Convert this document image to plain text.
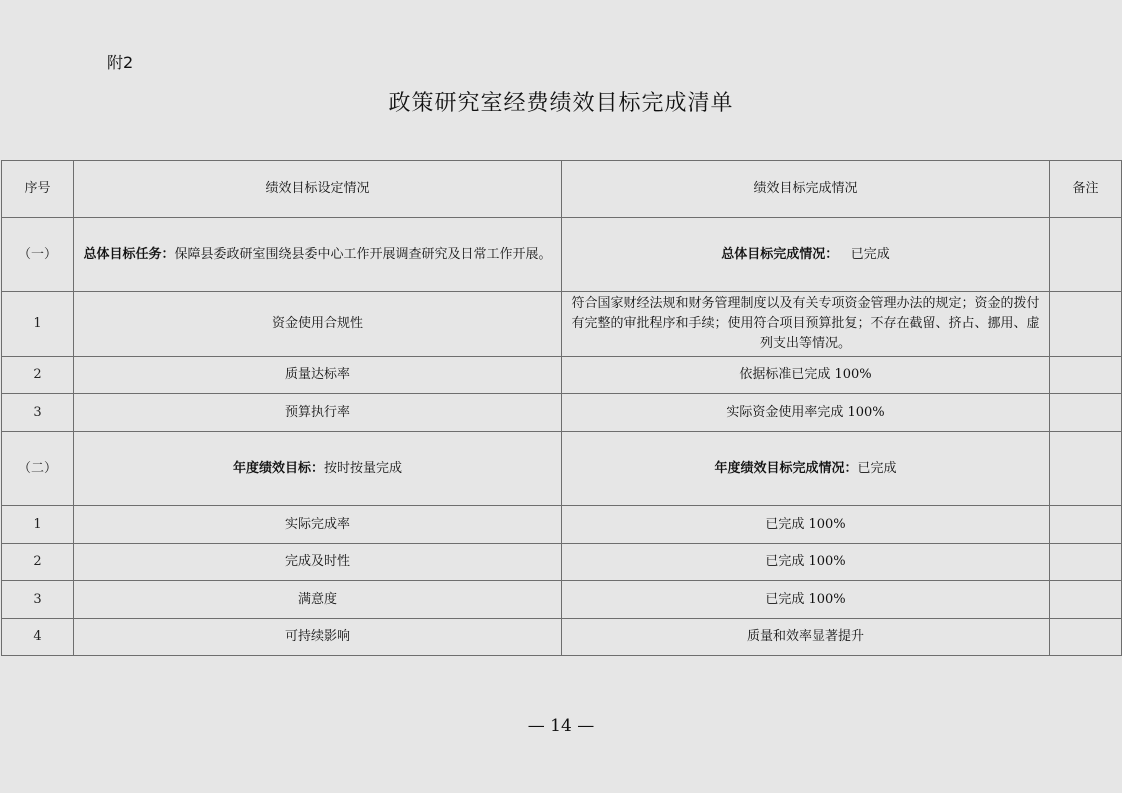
附2
政策研究室经费绩效目标完成清单
序号	绩效目标设定情况	绩效目标完成情况	备注
（一）	总体目标任务：保障县委政研室围绕县委中心工作开展调查研究及日常工作开展。	总体目标完成情况： 已完成	
1	资金使用合规性	符合国家财经法规和财务管理制度以及有关专项资金管理办法的规定；资金的拨付有完整的审批程序和手续；使用符合项目预算批复；不存在截留、挤占、挪用、虚列支出等情况。	
2	质量达标率	依据标准已完成 100%	
3	预算执行率	实际资金使用率完成 100%	
（二）	年度绩效目标：按时按量完成	年度绩效目标完成情况：已完成	
1	实际完成率	已完成 100%	
2	完成及时性	已完成 100%	
3	满意度	已完成 100%	
4	可持续影响	质量和效率显著提升	
— 14 —
